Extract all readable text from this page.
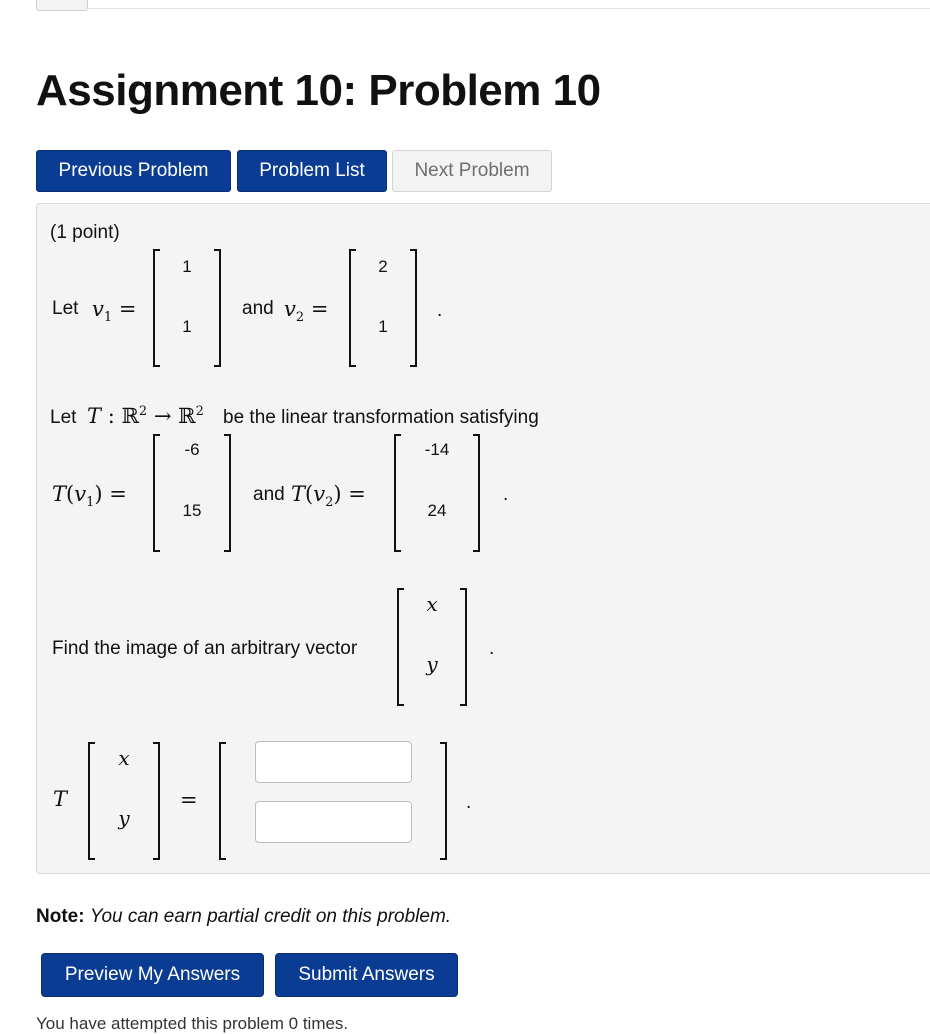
Assignment 10: Problem 10
Previous Problem	Problem List	Next Problem
(1 point)
Let $v_1$ =
1
1
and $v_2$ =
2
1
.
Let T : ℝ$^2$ → ℝ$^2$ be the linear transformation satisfying
$T(v_1)$ =
-6
15
and $T(v_2)$ =
-14
24
.
Find the image of an arbitrary vector
x
y
.
T
x
y
=	.
Note: You can earn partial credit on this problem.
Preview My Answers	Submit Answers
You have attempted this problem 0 times.
